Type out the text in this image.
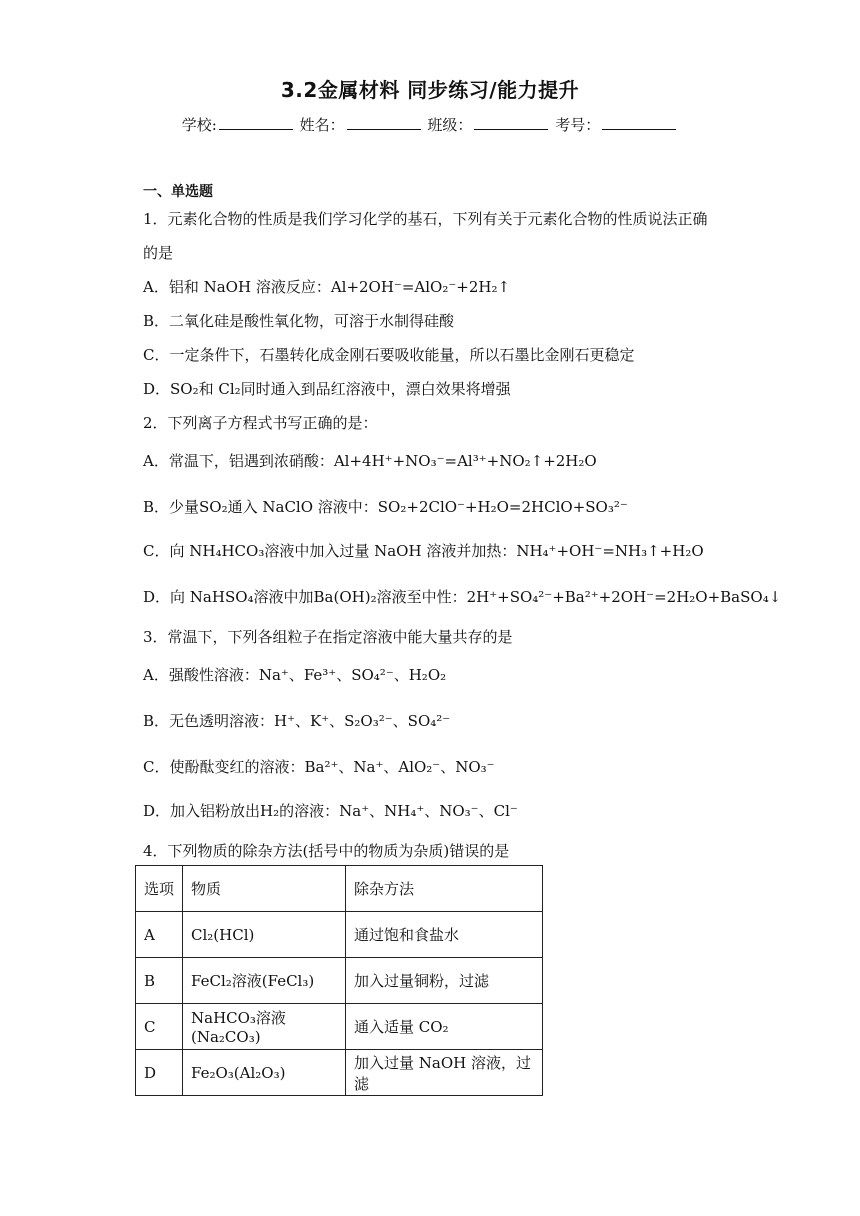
3.2金属材料 同步练习/能力提升
学校:	姓名：	班级：	考号：
一、单选题
1．元素化合物的性质是我们学习化学的基石，下列有关于元素化合物的性质说法正确
的是
A．铝和 NaOH 溶液反应：Al+2OH⁻=AlO₂⁻+2H₂↑
B．二氧化硅是酸性氧化物，可溶于水制得硅酸
C．一定条件下，石墨转化成金刚石要吸收能量，所以石墨比金刚石更稳定
D．SO₂和 Cl₂同时通入到品红溶液中，漂白效果将增强
2．下列离子方程式书写正确的是：
A．常温下，铝遇到浓硝酸：Al+4H⁺+NO₃⁻=Al³⁺+NO₂↑+2H₂O
B．少量SO₂通入 NaClO 溶液中：SO₂+2ClO⁻+H₂O=2HClO+SO₃²⁻
C．向 NH₄HCO₃溶液中加入过量 NaOH 溶液并加热：NH₄⁺+OH⁻=NH₃↑+H₂O
D．向 NaHSO₄溶液中加Ba(OH)₂溶液至中性：2H⁺+SO₄²⁻+Ba²⁺+2OH⁻=2H₂O+BaSO₄↓
3．常温下，下列各组粒子在指定溶液中能大量共存的是
A．强酸性溶液：Na⁺、Fe³⁺、SO₄²⁻、H₂O₂
B．无色透明溶液：H⁺、K⁺、S₂O₃²⁻、SO₄²⁻
C．使酚酞变红的溶液：Ba²⁺、Na⁺、AlO₂⁻、NO₃⁻
D．加入铝粉放出H₂的溶液：Na⁺、NH₄⁺、NO₃⁻、Cl⁻
4．下列物质的除杂方法(括号中的物质为杂质)错误的是
选项	物质	除杂方法
A	Cl₂(HCl)	通过饱和食盐水
B	FeCl₂溶液(FeCl₃)	加入过量铜粉，过滤
C	NaHCO₃溶液(Na₂CO₃)	通入适量 CO₂
D	Fe₂O₃(Al₂O₃)	加入过量 NaOH 溶液，过滤
